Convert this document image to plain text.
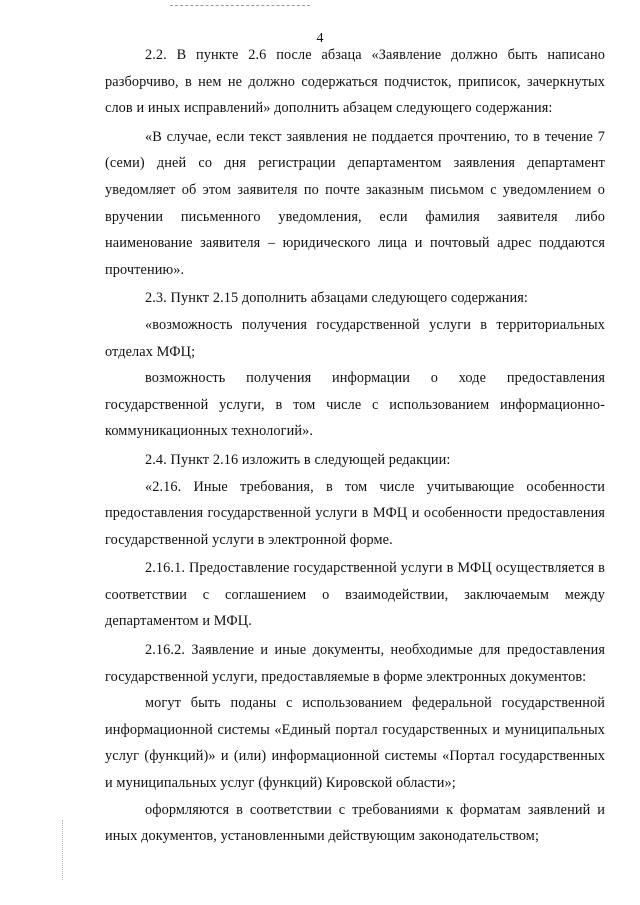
4

2.2. В пункте 2.6 после абзаца «Заявление должно быть написано разборчиво, в нем не должно содержаться подчисток, приписок, зачеркнутых слов и иных исправлений» дополнить абзацем следующего содержания:

«В случае, если текст заявления не поддается прочтению, то в течение 7 (семи) дней со дня регистрации департаментом заявления департамент уведомляет об этом заявителя по почте заказным письмом с уведомлением о вручении письменного уведомления, если фамилия заявителя либо наименование заявителя – юридического лица и почтовый адрес поддаются прочтению».

2.3. Пункт 2.15 дополнить абзацами следующего содержания:

«возможность получения государственной услуги в территориальных отделах МФЦ;

возможность получения информации о ходе предоставления государственной услуги, в том числе с использованием информационно-коммуникационных технологий».

2.4. Пункт 2.16 изложить в следующей редакции:

«2.16. Иные требования, в том числе учитывающие особенности предоставления государственной услуги в МФЦ и особенности предоставления государственной услуги в электронной форме.

2.16.1. Предоставление государственной услуги в МФЦ осуществляется в соответствии с соглашением о взаимодействии, заключаемым между департаментом и МФЦ.

2.16.2. Заявление и иные документы, необходимые для предоставления государственной услуги, предоставляемые в форме электронных документов:

могут быть поданы с использованием федеральной государственной информационной системы «Единый портал государственных и муниципальных услуг (функций)» и (или) информационной системы «Портал государственных и муниципальных услуг (функций) Кировской области»;

оформляются в соответствии с требованиями к форматам заявлений и иных документов, установленными действующим законодательством;
